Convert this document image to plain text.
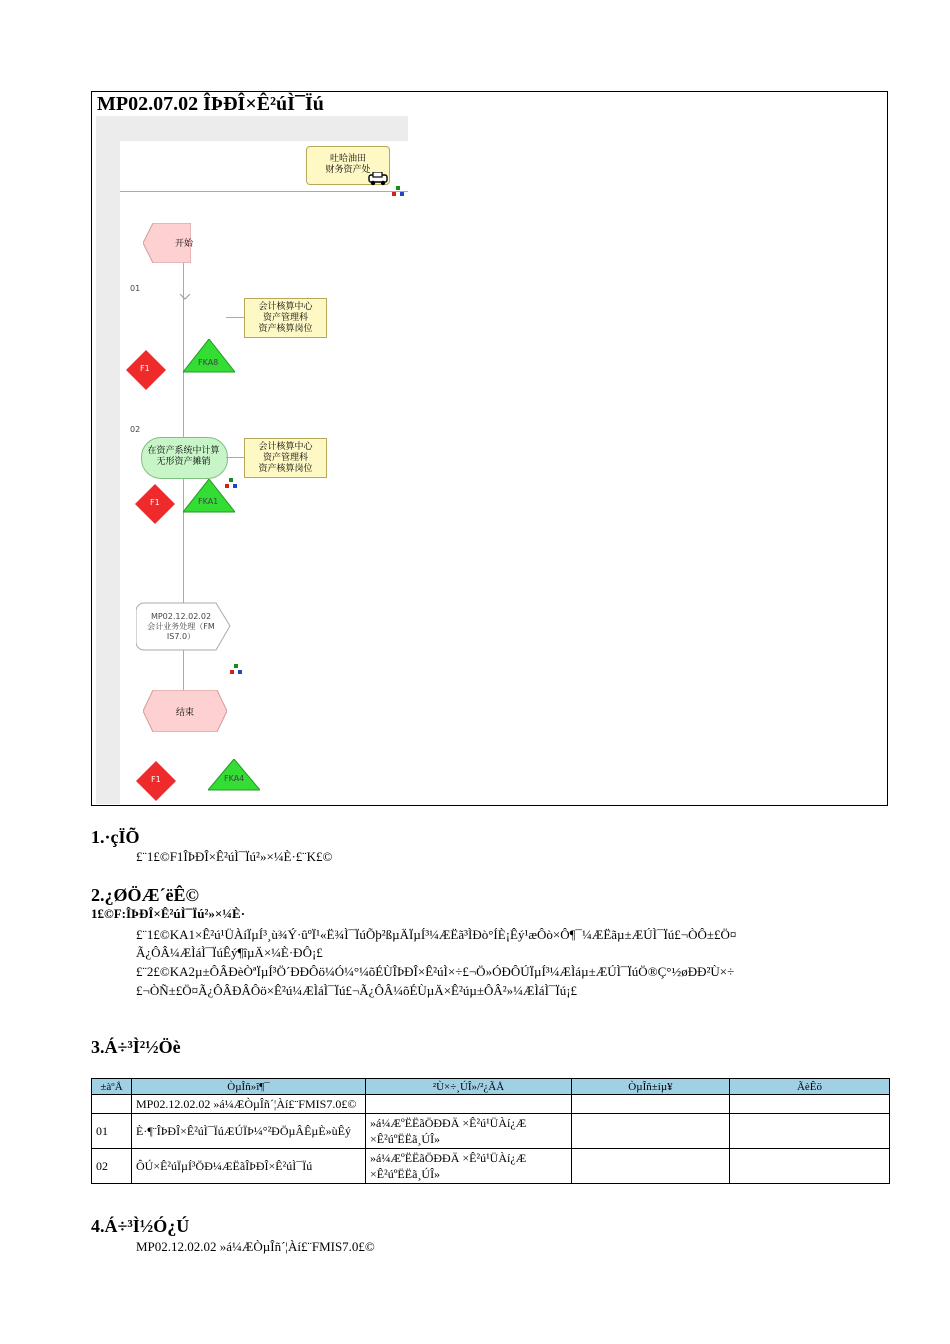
MP02.07.02 ÎÞÐÎ×Ê²úÌ¯Ïú
吐哈油田
财务资产处
开始
01
会计核算中心
资产管理科
资产核算岗位
F1
FKA8
02
在资产系统中计算
无形资产摊销
会计核算中心
资产管理科
资产核算岗位
F1	FKA1
MP02.12.02.02
会计业务处理（FM
IS7.0）
结束
F1	FKA4
1.·çÏÕ
£¨1£©F1ÎÞÐÎ×Ê²úÌ¯Ïú²»×¼È·£¨K£©
2.¿ØÖÆ´ëÊ©
1£©F:ÎÞÐÎ×Ê²úÌ¯Ïú²»×¼È·
£¨1£©KA1×Ê²ú¹ÜÀíÏµÍ³¸ù¾Ý·ûºÏ¹«Ë¾Ì¯ÏúÕþ²ßµÄÏµÍ³¼ÆËã³ÌÐò°ÍÈ¡Êý¹æÔò×Ô¶¯¼ÆËãµ±ÆÚÌ¯Ïú£¬ÒÔ±£Ö¤
Ã¿ÔÂ¼ÆÌáÌ¯ÏúÊý¶îµÄ×¼È·ÐÔ¡£
£¨2£©KA2µ±ÔÂÐèÒªÏµÍ³Ö´ÐÐÔö¼Ó¼°¼õÉÙÎÞÐÎ×Ê²úÌ×÷£¬Ö»ÓÐÔÚÏµÍ³¼ÆÌáµ±ÆÚÌ¯ÏúÖ®Ç°½øÐÐ²Ù×÷
£¬ÒÑ±£Ö¤Ã¿ÔÂÐÂÔö×Ê²ú¼ÆÌáÌ¯Ïú£¬Ã¿ÔÂ¼õÉÙµÄ×Ê²úµ±ÔÂ²»¼ÆÌáÌ¯Ïú¡£
3.Á÷³Ì²½Öè
±àºÅ	ÒµÎñ»î¶¯	²Ù×÷¸ÚÎ»/²¿ÃÅ	ÒµÎñ±íµ¥	ÃèÊö
	MP02.12.02.02 »á¼ÆÒµÎñ´¦Àí£¨FMIS7.0£©			
01	È·¶¨ÎÞÐÎ×Ê²úÌ¯ÏúÆÚÏÞ¼°²ÐÖµÂÊµÈ»ùÊý	»á¼ÆºËËãÖÐÐÄ ×Ê²ú¹ÜÀí¿Æ ×Ê²úºËËã¸ÚÎ»		
02	ÔÚ×Ê²úÏµÍ³ÖÐ¼ÆËãÎÞÐÎ×Ê²úÌ¯Ïú	»á¼ÆºËËãÖÐÐÄ ×Ê²ú¹ÜÀí¿Æ ×Ê²úºËËã¸ÚÎ»		
4.Á÷³Ì½Ó¿Ú
MP02.12.02.02 »á¼ÆÒµÎñ´¦Àí£¨FMIS7.0£©
